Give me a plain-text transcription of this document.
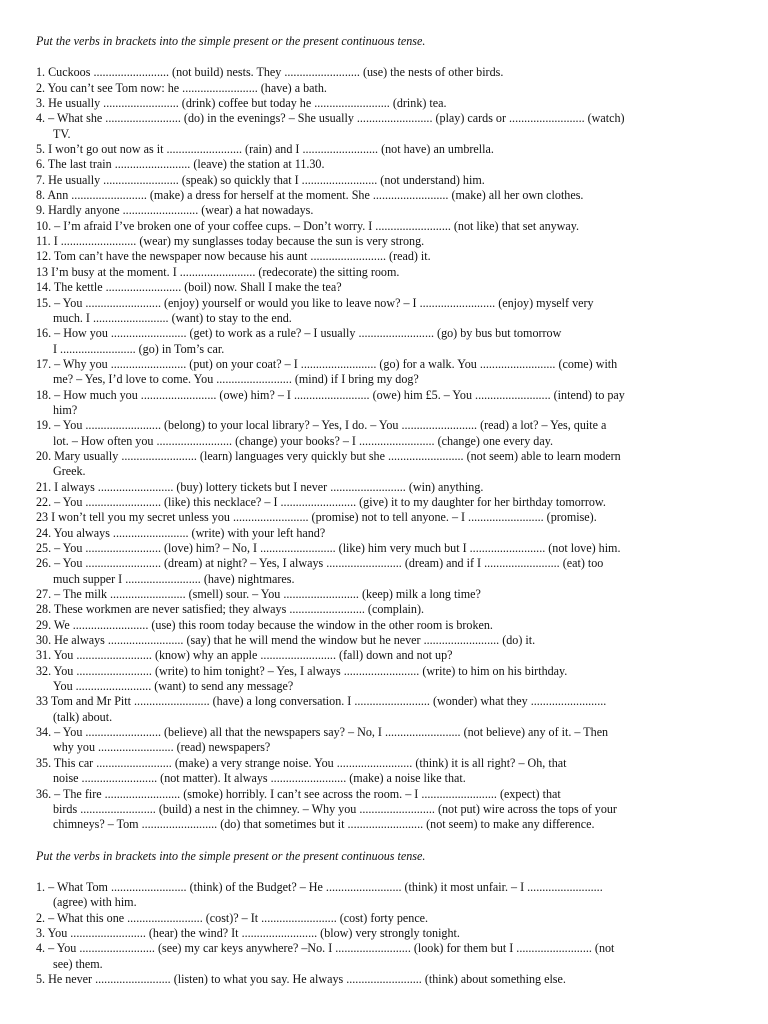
Put the verbs in brackets into the simple present or the present continuous tense.
1. Cuckoos ......................... (not build) nests. They ......................... (use) the nests of other birds.
2. You can’t see Tom now: he ......................... (have) a bath.
3. He usually ......................... (drink) coffee but today he ......................... (drink) tea.
4. – What she ......................... (do) in the evenings? – She usually ......................... (play) cards or ......................... (watch)
TV.
5. I won’t go out now as it ......................... (rain) and I ......................... (not have) an umbrella.
6. The last train ......................... (leave) the station at 11.30.
7. He usually ......................... (speak) so quickly that I ......................... (not understand) him.
8. Ann ......................... (make) a dress for herself at the moment. She ......................... (make) all her own clothes.
9. Hardly anyone ......................... (wear) a hat nowadays.
10. – I’m afraid I’ve broken one of your coffee cups. – Don’t worry. I ......................... (not like) that set anyway.
11. I ......................... (wear) my sunglasses today because the sun is very strong.
12. Tom can’t have the newspaper now because his aunt ......................... (read) it.
13 I’m busy at the moment. I ......................... (redecorate) the sitting room.
14. The kettle ......................... (boil) now. Shall I make the tea?
15. – You ......................... (enjoy) yourself or would you like to leave now? – I ......................... (enjoy) myself very
much. I ......................... (want) to stay to the end.
16. – How you ......................... (get) to work as a rule? – I usually ......................... (go) by bus but tomorrow
I ......................... (go) in Tom’s car.
17. – Why you ......................... (put) on your coat? – I ......................... (go) for a walk. You ......................... (come) with
me? – Yes, I’d love to come. You ......................... (mind) if I bring my dog?
18. – How much you ......................... (owe) him? – I ......................... (owe) him £5. – You ......................... (intend) to pay
him?
19. – You ......................... (belong) to your local library? – Yes, I do. – You ......................... (read) a lot? – Yes, quite a
lot. – How often you ......................... (change) your books? – I ......................... (change) one every day.
20. Mary usually ......................... (learn) languages very quickly but she ......................... (not seem) able to learn modern
Greek.
21. I always ......................... (buy) lottery tickets but I never ......................... (win) anything.
22. – You ......................... (like) this necklace? – I ......................... (give) it to my daughter for her birthday tomorrow.
23 I won’t tell you my secret unless you ......................... (promise) not to tell anyone. – I ......................... (promise).
24. You always ......................... (write) with your left hand?
25. – You ......................... (love) him? – No, I ......................... (like) him very much but I ......................... (not love) him.
26. – You ......................... (dream) at night? – Yes, I always ......................... (dream) and if I ......................... (eat) too
much supper I ......................... (have) nightmares.
27. – The milk ......................... (smell) sour. – You ......................... (keep) milk a long time?
28. These workmen are never satisfied; they always ......................... (complain).
29. We ......................... (use) this room today because the window in the other room is broken.
30. He always ......................... (say) that he will mend the window but he never ......................... (do) it.
31. You ......................... (know) why an apple ......................... (fall) down and not up?
32. You ......................... (write) to him tonight? – Yes, I always ......................... (write) to him on his birthday.
You ......................... (want) to send any message?
33 Tom and Mr Pitt ......................... (have) a long conversation. I ......................... (wonder) what they .........................
(talk) about.
34. – You ......................... (believe) all that the newspapers say? – No, I ......................... (not believe) any of it. – Then
why you ......................... (read) newspapers?
35. This car ......................... (make) a very strange noise. You ......................... (think) it is all right? – Oh, that
noise ......................... (not matter). It always ......................... (make) a noise like that.
36. – The fire ......................... (smoke) horribly. I can’t see across the room. – I ......................... (expect) that
birds ......................... (build) a nest in the chimney. – Why you ......................... (not put) wire across the tops of your
chimneys? – Tom ......................... (do) that sometimes but it ......................... (not seem) to make any difference.
Put the verbs in brackets into the simple present or the present continuous tense.
1. – What Tom ......................... (think) of the Budget? – He ......................... (think) it most unfair. – I .........................
(agree) with him.
2. – What this one ......................... (cost)? – It ......................... (cost) forty pence.
3. You ......................... (hear) the wind? It ......................... (blow) very strongly tonight.
4. – You ......................... (see) my car keys anywhere? –No. I ......................... (look) for them but I ......................... (not
see) them.
5. He never ......................... (listen) to what you say. He always ......................... (think) about something else.
